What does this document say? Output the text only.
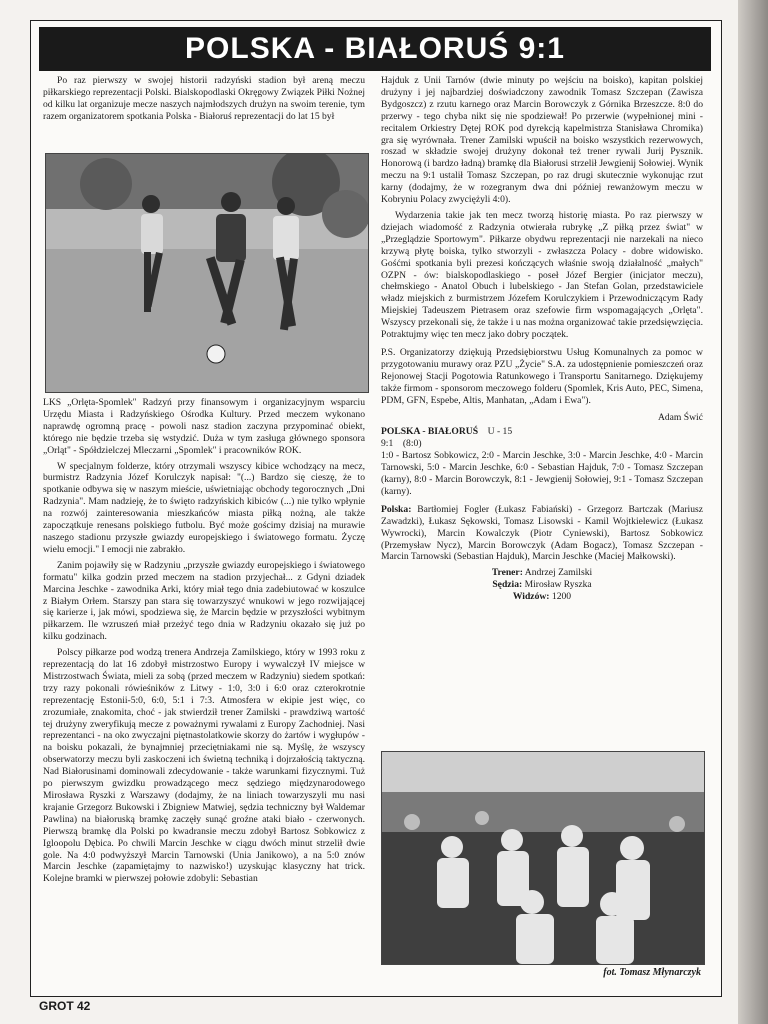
POLSKA - BIAŁORUŚ 9:1

Po raz pierwszy w swojej historii radzyński stadion był areną meczu piłkarskiego reprezentacji Polski. Bialskopodlaski Okręgowy Związek Piłki Nożnej od kilku lat organizuje mecze naszych najmłodszych drużyn na swoim terenie, tym razem organizatorem spotkania Polska - Białoruś reprezentacji do lat 15 był

LKS „Orlęta-Spomlek" Radzyń przy finansowym i organizacyjnym wsparciu Urzędu Miasta i Radzyńskiego Ośrodka Kultury. Przed meczem wykonano naprawdę ogromną pracę - powoli nasz stadion zaczyna przypominać obiekt, którego nie będzie trzeba się wstydzić. Duża w tym zasługa głównego sponsora „Orląt" - Spółdzielczej Mleczarni „Spomlek" i pracowników ROK.

W specjalnym folderze, który otrzymali wszyscy kibice wchodzący na mecz, burmistrz Radzynia Józef Korulczyk napisał: "(...) Bardzo się cieszę, że to spotkanie odbywa się w naszym mieście, uświetniając obchody tegorocznych „Dni Radzynia". Mam nadzieję, że to święto radzyńskich kibiców (...) nie tylko wpłynie na rozwój zainteresowania mieszkańców miasta piłką nożną, ale także zapoczątkuje renesans polskiego futbolu. Być może gościmy dzisiaj na murawie naszego stadionu przyszłe gwiazdy europejskiego i światowego formatu. Życzę wielu emocji." I emocji nie zabrakło.

Zanim pojawiły się w Radzyniu „przyszłe gwiazdy europejskiego i światowego formatu" kilka godzin przed meczem na stadion przyjechał... z Gdyni dziadek Marcina Jeschke - zawodnika Arki, który miał tego dnia zadebiutować w koszulce z Białym Orłem. Starszy pan stara się towarzyszyć wnukowi w jego rozwijającej się karierze i, jak mówi, spodziewa się, że Marcin będzie w przyszłości wybitnym piłkarzem. Ile wzruszeń miał przeżyć tego dnia w Radzyniu okazało się już po kilku godzinach.

Polscy piłkarze pod wodzą trenera Andrzeja Zamilskiego, który w 1993 roku z reprezentacją do lat 16 zdobył mistrzostwo Europy i wywalczył IV miejsce w Mistrzostwach Świata, mieli za sobą (przed meczem w Radzyniu) siedem spotkań: trzy razy pokonali rówieśników z Litwy - 1:0, 3:0 i 6:0 oraz czterokrotnie reprezentację Estonii-5:0, 6:0, 5:1 i 7:3. Atmosfera w ekipie jest więc, co zrozumiałe, znakomita, choć - jak stwierdził trener Zamilski - prawdziwą wartość tej drużyny zweryfikują mecze z poważnymi rywalami z Europy Zachodniej. Nasi reprezentanci - na oko zwyczajni piętnastolatkowie skorzy do żartów i wygłupów - na boisku pokazali, że bynajmniej przeciętniakami nie są. Myślę, że wszyscy obserwatorzy meczu byli zaskoczeni ich świetną techniką i dojrzałością taktyczną. Nad Białorusinami dominowali zdecydowanie - także warunkami fizycznymi. Tuż po pierwszym gwizdku prowadzącego mecz sędziego międzynarodowego Mirosława Ryszki z Warszawy (dodajmy, że na liniach towarzyszyli mu nasi krajanie Grzegorz Bukowski i Zbigniew Matwiej, sędzia techniczny był Waldemar Pawlina) na białoruską bramkę zaczęły sunąć groźne ataki biało - czerwonych. Pierwszą bramkę dla Polski po kwadransie meczu zdobył Bartosz Sobkowicz z Igloopolu Dębica. Po chwili Marcin Jeschke w ciągu dwóch minut strzelił dwie gole. Na 4:0 podwyższył Marcin Tarnowski (Unia Janikowo), a na 5:0 znów Marcin Jeschke (zapamiętajmy to nazwisko!) uzyskując klasyczny hat trick. Kolejne bramki w pierwszej połowie zdobyli: Sebastian

Hajduk z Unii Tarnów (dwie minuty po wejściu na boisko), kapitan polskiej drużyny i jej najbardziej doświadczony zawodnik Tomasz Szczepan (Zawisza Bydgoszcz) z rzutu karnego oraz Marcin Borowczyk z Górnika Brzeszcze. 8:0 do przerwy - tego chyba nikt się nie spodziewał! Po przerwie (wypełnionej mini - recitalem Orkiestry Dętej ROK pod dyrekcją kapelmistrza Stanisława Chromika) gra się wyrównała. Trener Zamilski wpuścił na boisko wszystkich rezerwowych, roszad w składzie swojej drużyny dokonał też trener rywali Jurij Pysznik. Honorową (i bardzo ładną) bramkę dla Białorusi strzelił Jewgienij Sołowiej. Wynik meczu na 9:1 ustalił Tomasz Szczepan, po raz drugi skutecznie wykonując rzut karny (dodajmy, że w rozegranym dwa dni później rewanżowym meczu w Kobryniu Polacy zwyciężyli 4:0).

Wydarzenia takie jak ten mecz tworzą historię miasta. Po raz pierwszy w dziejach wiadomość z Radzynia otwierała rubrykę „Z piłką przez świat" w „Przeglądzie Sportowym". Piłkarze obydwu reprezentacji nie narzekali na nieco krzywą płytę boiska, tylko stworzyli - zwłaszcza Polacy - dobre widowisko. Gośćmi spotkania byli prezesi kończących właśnie swoją działalność „małych" OZPN - ów: bialskopodlaskiego - poseł Józef Bergier (inicjator meczu), chełmskiego - Anatol Obuch i lubelskiego - Jan Stefan Golan, przedstawiciele władz miejskich z burmistrzem Józefem Korulczykiem i Przewodniczącym Rady Miejskiej Tadeuszem Pietrasem oraz szefowie firm wspomagających „Orlęta". Wszyscy przekonali się, że także i u nas można organizować takie przedsięwzięcia. Potraktujmy więc ten mecz jako dobry początek.

P.S. Organizatorzy dziękują Przedsiębiorstwu Usług Komunalnych za pomoc w przygotowaniu murawy oraz PZU „Życie" S.A. za udostępnienie pomieszczeń oraz Rejonowej Stacji Pogotowia Ratunkowego i Transportu Sanitarnego. Dziękujemy także firmom - sponsorom meczowego folderu (Spomlek, Kris Auto, PEC, Simena, PDM, GFN, Espebe, Altis, Manhatan, „Adam i Ewa").

Adam Świć
POLSKA - BIAŁORUŚ U - 15
9:1 (8:0)
1:0 - Bartosz Sobkowicz, 2:0 - Marcin Jeschke, 3:0 - Marcin Jeschke, 4:0 - Marcin Tarnowski, 5:0 - Marcin Jeschke, 6:0 - Sebastian Hajduk, 7:0 - Tomasz Szczepan (karny), 8:0 - Marcin Borowczyk, 8:1 - Jewgienij Sołowiej, 9:1 - Tomasz Szczepan (karny).
Polska: Bartłomiej Fogler (Łukasz Fabiański) - Grzegorz Bartczak (Mariusz Zawadzki), Łukasz Sękowski, Tomasz Lisowski - Kamil Wojtkielewicz (Łukasz Wywrocki), Marcin Kowalczyk (Piotr Cyniewski), Bartosz Sobkowicz (Przemysław Nycz), Marcin Borowczyk (Adam Bogacz), Tomasz Szczepan - Marcin Tarnowski (Sebastian Hajduk), Marcin Jeschke (Maciej Małkowski).
Trener: Andrzej Zamilski
Sędzia: Mirosław Ryszka
Widzów: 1200
fot. Tomasz Młynarczyk
GROT 42
